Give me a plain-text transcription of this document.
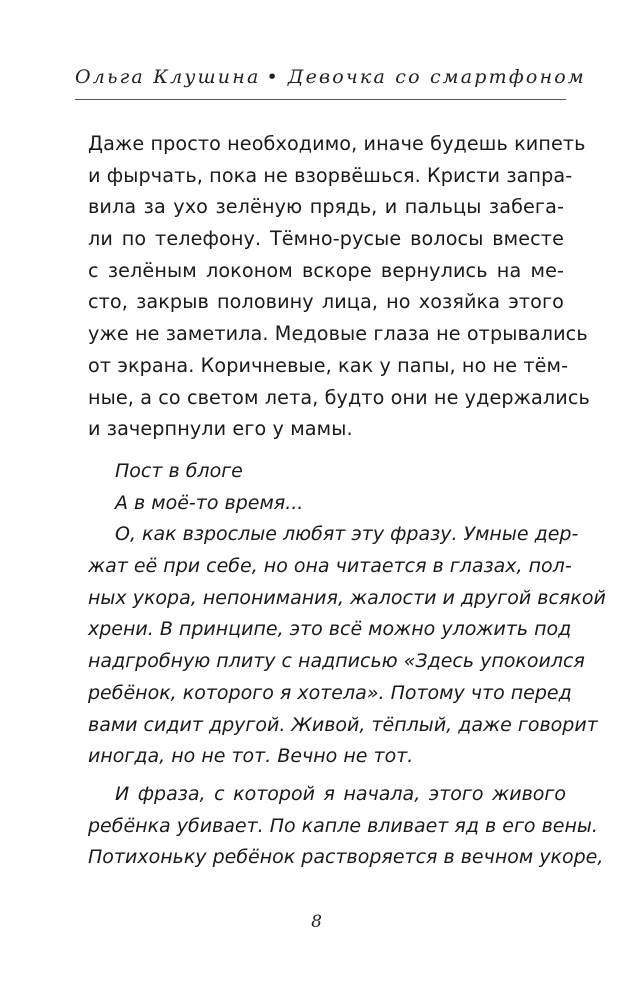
Ольга Клушина • Девочка со смартфоном
Даже просто необходимо, иначе будешь кипеть
и фырчать, пока не взорвёшься. Кристи запра-
вила за ухо зелёную прядь, и пальцы забега-
ли по телефону. Тёмно-русые волосы вместе
с зелёным локоном вскоре вернулись на ме-
сто, закрыв половину лица, но хозяйка этого
уже не заметила. Медовые глаза не отрывались
от экрана. Коричневые, как у папы, но не тём-
ные, а со светом лета, будто они не удержались
и зачерпнули его у мамы.
Пост в блоге
А в моё-то время...
О, как взрослые любят эту фразу. Умные дер-
жат её при себе, но она читается в глазах, пол-
ных укора, непонимания, жалости и другой всякой
хрени. В принципе, это всё можно уложить под
надгробную плиту с надписью «Здесь упокоился
ребёнок, которого я хотела». Потому что перед
вами сидит другой. Живой, тёплый, даже говорит
иногда, но не тот. Вечно не тот.
И фраза, с которой я начала, этого живого
ребёнка убивает. По капле вливает яд в его вены.
Потихоньку ребёнок растворяется в вечном укоре,
8
